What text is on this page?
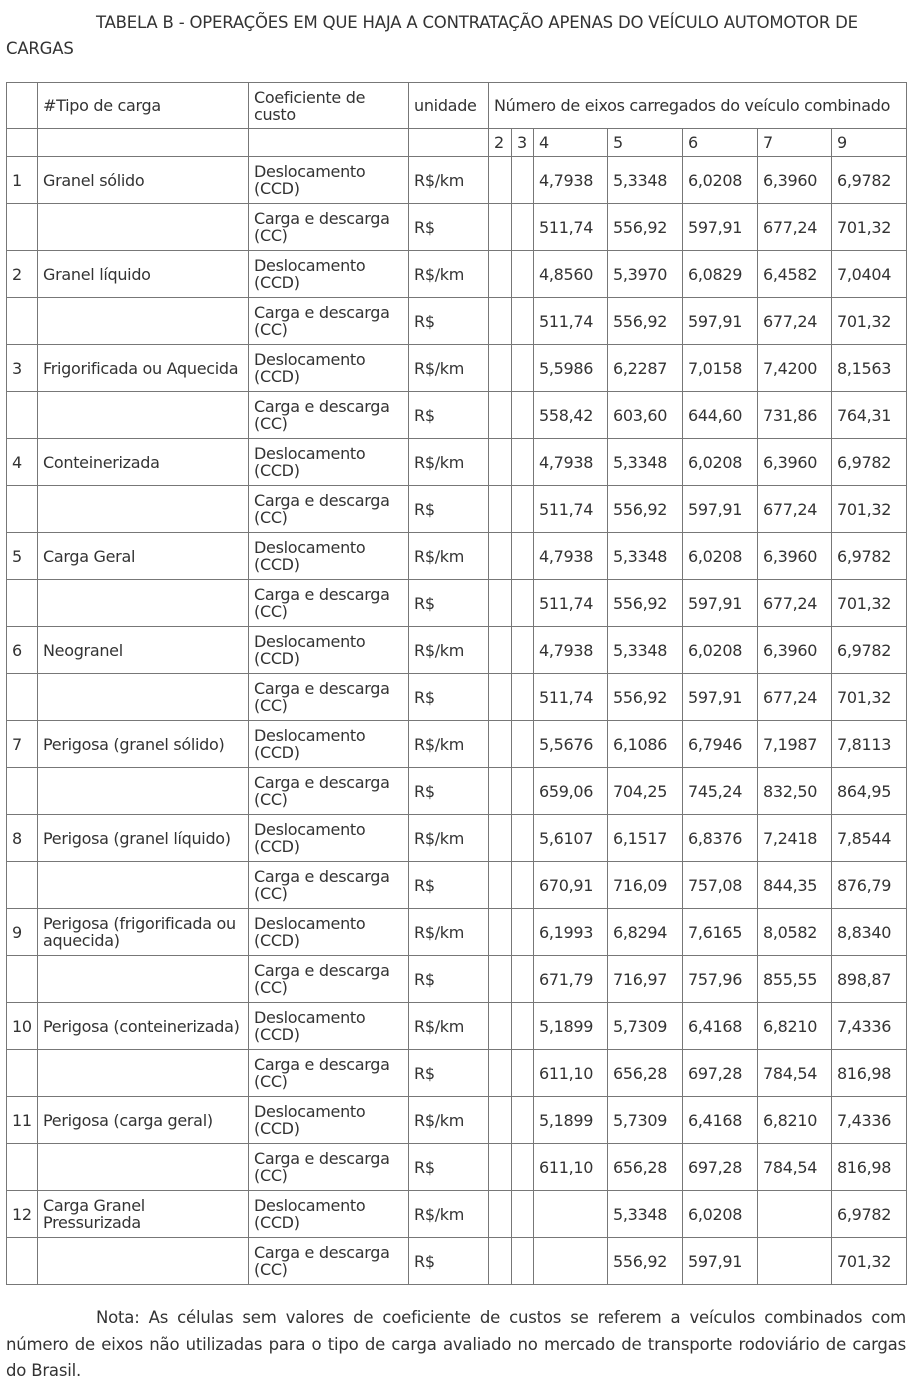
TABELA B - OPERAÇÕES EM QUE HAJA A CONTRATAÇÃO APENAS DO VEÍCULO AUTOMOTOR DE CARGAS
	#Tipo de carga	Coeficiente de custo	unidade	Número de eixos carregados do veículo combinado						
				2	3	4	5	6	7	9
1	Granel sólido	Deslocamento (CCD)	R$/km			4,7938	5,3348	6,0208	6,3960	6,9782
		Carga e descarga (CC)	R$			511,74	556,92	597,91	677,24	701,32
2	Granel líquido	Deslocamento (CCD)	R$/km			4,8560	5,3970	6,0829	6,4582	7,0404
		Carga e descarga (CC)	R$			511,74	556,92	597,91	677,24	701,32
3	Frigorificada ou Aquecida	Deslocamento (CCD)	R$/km			5,5986	6,2287	7,0158	7,4200	8,1563
		Carga e descarga (CC)	R$			558,42	603,60	644,60	731,86	764,31
4	Conteinerizada	Deslocamento (CCD)	R$/km			4,7938	5,3348	6,0208	6,3960	6,9782
		Carga e descarga (CC)	R$			511,74	556,92	597,91	677,24	701,32
5	Carga Geral	Deslocamento (CCD)	R$/km			4,7938	5,3348	6,0208	6,3960	6,9782
		Carga e descarga (CC)	R$			511,74	556,92	597,91	677,24	701,32
6	Neogranel	Deslocamento (CCD)	R$/km			4,7938	5,3348	6,0208	6,3960	6,9782
		Carga e descarga (CC)	R$			511,74	556,92	597,91	677,24	701,32
7	Perigosa (granel sólido)	Deslocamento (CCD)	R$/km			5,5676	6,1086	6,7946	7,1987	7,8113
		Carga e descarga (CC)	R$			659,06	704,25	745,24	832,50	864,95
8	Perigosa (granel líquido)	Deslocamento (CCD)	R$/km			5,6107	6,1517	6,8376	7,2418	7,8544
		Carga e descarga (CC)	R$			670,91	716,09	757,08	844,35	876,79
9	Perigosa (frigorificada ou aquecida)	Deslocamento (CCD)	R$/km			6,1993	6,8294	7,6165	8,0582	8,8340
		Carga e descarga (CC)	R$			671,79	716,97	757,96	855,55	898,87
10	Perigosa (conteinerizada)	Deslocamento (CCD)	R$/km			5,1899	5,7309	6,4168	6,8210	7,4336
		Carga e descarga (CC)	R$			611,10	656,28	697,28	784,54	816,98
11	Perigosa (carga geral)	Deslocamento (CCD)	R$/km			5,1899	5,7309	6,4168	6,8210	7,4336
		Carga e descarga (CC)	R$			611,10	656,28	697,28	784,54	816,98
12	Carga Granel Pressurizada	Deslocamento (CCD)	R$/km				5,3348	6,0208		6,9782
		Carga e descarga (CC)	R$				556,92	597,91		701,32
Nota: As células sem valores de coeficiente de custos se referem a veículos combinados com número de eixos não utilizadas para o tipo de carga avaliado no mercado de transporte rodoviário de cargas do Brasil.
